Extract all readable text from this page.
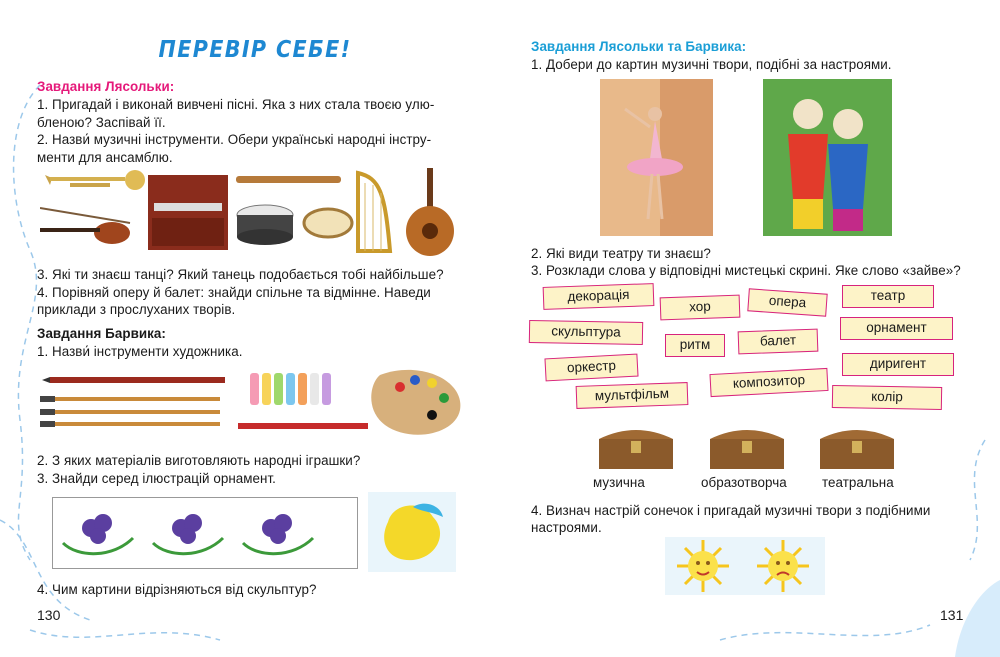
ПЕРЕВІР СЕБЕ!
Завдання Лясольки:
1. Пригадай і виконай вивчені пісні. Яка з них стала твоєю улю-
бленою? Заспівай її.
2. Назви́ музичні інструменти. Обери українські народні інстру-
менти для ансамблю.
3. Які ти знаєш танці? Який танець подобається тобі найбільше?
4. Порівняй оперу й балет: знайди спільне та відмінне. Наведи
приклади з прослуханих творів.
Завдання Барвика:
1. Назви́ інструменти художника.
2. З яких матеріалів виготовляють народні іграшки?
3. Знайди серед ілюстрацій орнамент.
4. Чим картини відрізняються від скульптур?
130
Завдання Лясольки та Барвика:
1. Добери до картин музичні твори, подібні за настроями.
2. Які види театру ти знаєш?
3. Розклади слова у відповідні мистецькі скрині. Яке слово «зайве»?
декорація
хор	опера	театр
скульптура
ритм	балет
орнамент
оркестр
композитор
диригент
мультфільм	колір
музична	образотворча	театральна
4. Визнач настрій сонечок і пригадай музичні твори з подібними
настроями.
131
